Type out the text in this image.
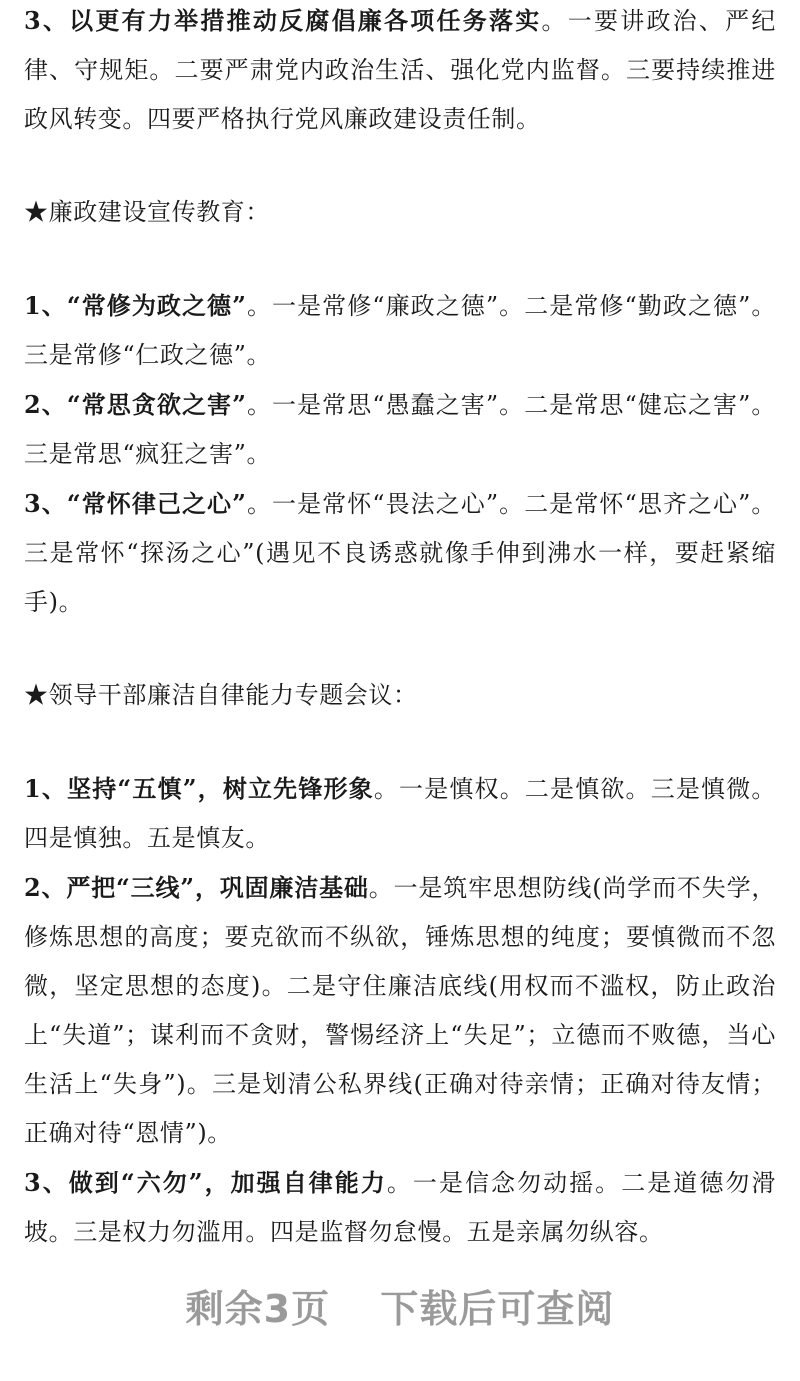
3、以更有力举措推动反腐倡廉各项任务落实。一要讲政治、严纪律、守规矩。二要严肃党内政治生活、强化党内监督。三要持续推进政风转变。四要严格执行党风廉政建设责任制。

★廉政建设宣传教育：

1、“常修为政之德”。一是常修“廉政之德”。二是常修“勤政之德”。三是常修“仁政之德”。

2、“常思贪欲之害”。一是常思“愚蠢之害”。二是常思“健忘之害”。三是常思“疯狂之害”。

3、“常怀律己之心”。一是常怀“畏法之心”。二是常怀“思齐之心”。三是常怀“探汤之心”(遇见不良诱惑就像手伸到沸水一样，要赶紧缩手)。

★领导干部廉洁自律能力专题会议：

1、坚持“五慎”，树立先锋形象。一是慎权。二是慎欲。三是慎微。四是慎独。五是慎友。

2、严把“三线”，巩固廉洁基础。一是筑牢思想防线(尚学而不失学，修炼思想的高度；要克欲而不纵欲，锤炼思想的纯度；要慎微而不忽微，坚定思想的态度)。二是守住廉洁底线(用权而不滥权，防止政治上“失道”；谋利而不贪财，警惕经济上“失足”；立德而不败德，当心生活上“失身”)。三是划清公私界线(正确对待亲情；正确对待友情；正确对待“恩情”)。

3、做到“六勿”，加强自律能力。一是信念勿动摇。二是道德勿滑坡。三是权力勿滥用。四是监督勿怠慢。五是亲属勿纵容。

剩余3页 下载后可查阅
